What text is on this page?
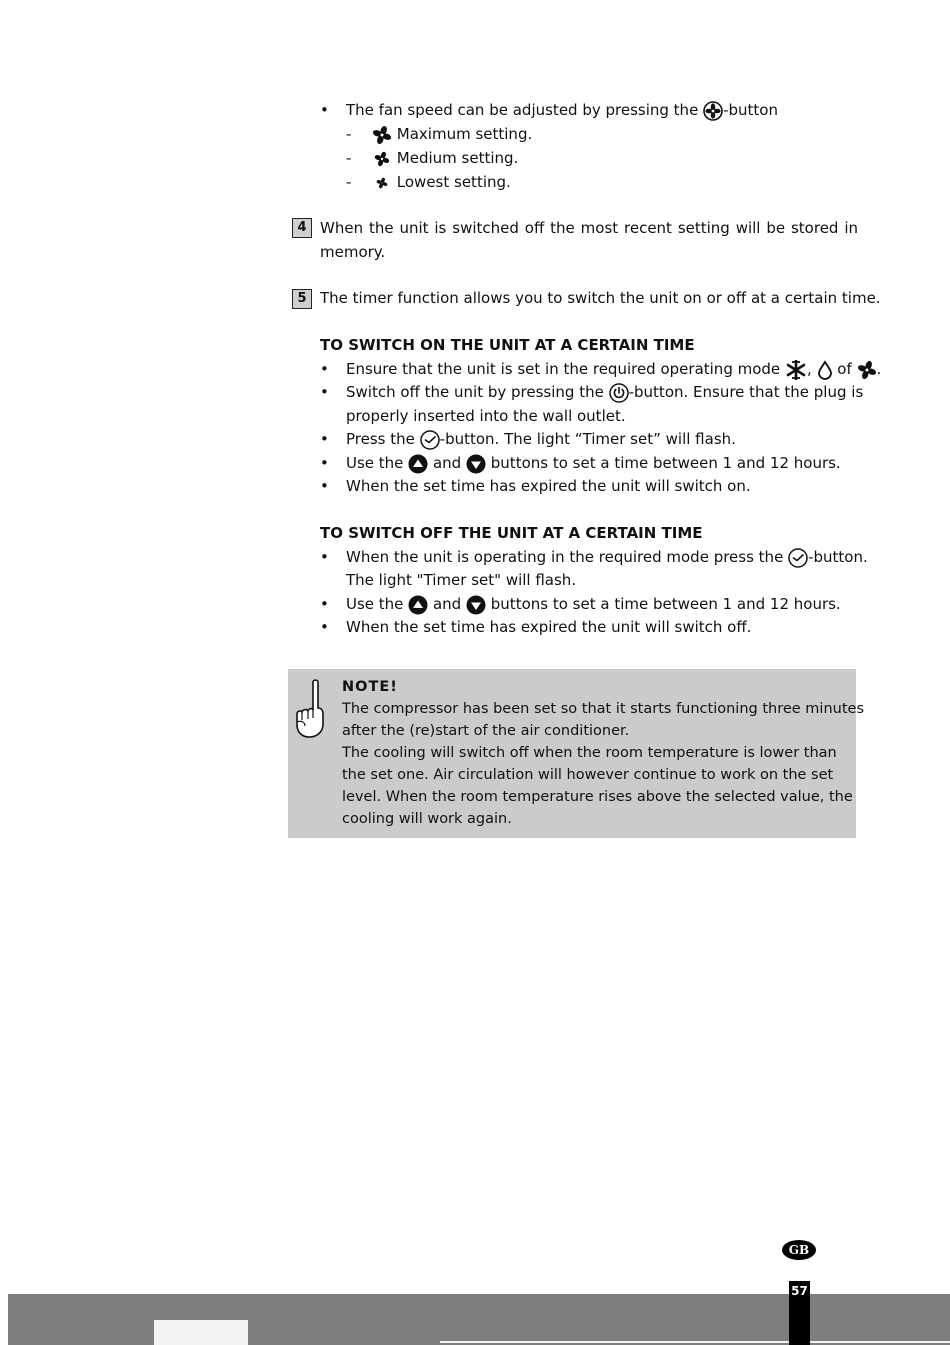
• The fan speed can be adjusted by pressing the -button
-	Maximum setting.
-	Medium setting.
-	Lowest setting.
4 When the unit is switched off the most recent setting will be stored in
memory.
5 The timer function allows you to switch the unit on or off at a certain time.
TO SWITCH ON THE UNIT AT A CERTAIN TIME
• Ensure that the unit is set in the required operating mode , of .
• Switch off the unit by pressing the -button. Ensure that the plug is
properly inserted into the wall outlet.
• Press the -button. The light “Timer set” will flash.
• Use the and buttons to set a time between 1 and 12 hours.
• When the set time has expired the unit will switch on.
TO SWITCH OFF THE UNIT AT A CERTAIN TIME
• When the unit is operating in the required mode press the -button.
The light "Timer set" will flash.
• Use the and buttons to set a time between 1 and 12 hours.
• When the set time has expired the unit will switch off.
NOTE!
The compressor has been set so that it starts functioning three minutes
after the (re)start of the air conditioner.
The cooling will switch off when the room temperature is lower than
the set one. Air circulation will however continue to work on the set
level. When the room temperature rises above the selected value, the
cooling will work again.
GB
57
